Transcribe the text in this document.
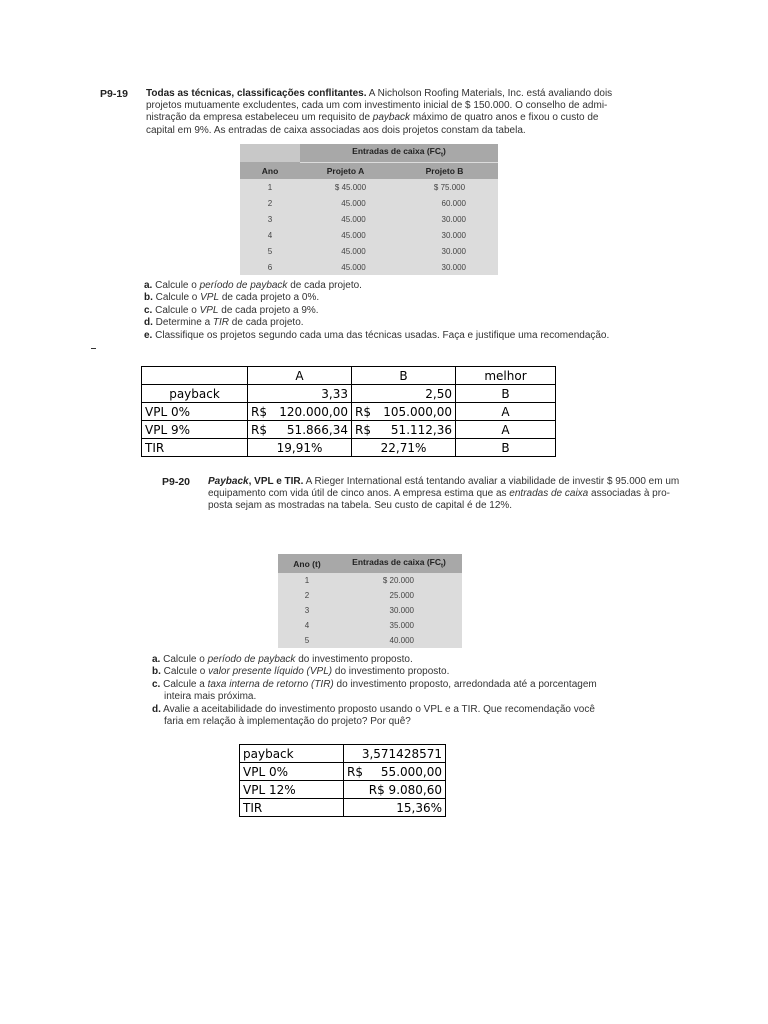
P9-19 Todas as técnicas, classificações conflitantes. A Nicholson Roofing Materials, Inc. está avaliando dois
projetos mutuamente excludentes, cada um com investimento inicial de $ 150.000. O conselho de admi-
nistração da empresa estabeleceu um requisito de payback máximo de quatro anos e fixou o custo de
capital em 9%. As entradas de caixa associadas aos dois projetos constam da tabela.
	Entradas de caixa $(FC_t)$	
Ano	Projeto A	Projeto B
1	$ 45.000	$ 75.000
2	45.000	60.000
3	45.000	30.000
4	45.000	30.000
5	45.000	30.000
6	45.000	30.000
a. Calcule o período de payback de cada projeto.
b. Calcule o VPL de cada projeto a 0%.
c. Calcule o VPL de cada projeto a 9%.
d. Determine a TIR de cada projeto.
e. Classifique os projetos segundo cada uma das técnicas usadas. Faça e justifique uma recomendação.
	A	B	melhor
payback	3,33	2,50	B
VPL 0%	R$ 120.000,00	R$ 105.000,00	A
VPL 9%	R$ 51.866,34	R$ 51.112,36	A
TIR	19,91%	22,71%	B
P9-20 Payback, VPL e TIR. A Rieger International está tentando avaliar a viabilidade de investir $ 95.000 em um
equipamento com vida útil de cinco anos. A empresa estima que as entradas de caixa associadas à pro-
posta sejam as mostradas na tabela. Seu custo de capital é de 12%.
Ano (t)	Entradas de caixa $(FC_t)$
1	$ 20.000
2	25.000
3	30.000
4	35.000
5	40.000
a. Calcule o período de payback do investimento proposto.
b. Calcule o valor presente líquido (VPL) do investimento proposto.
c. Calcule a taxa interna de retorno (TIR) do investimento proposto, arredondada até a porcentagem inteira mais próxima.
d. Avalie a aceitabilidade do investimento proposto usando o VPL e a TIR. Que recomendação você faria em relação à implementação do projeto? Por quê?
payback	3,571428571
VPL 0%	R$ 55.000,00

VPL 12%	R$ 9.080,60
TIR	15,36%
